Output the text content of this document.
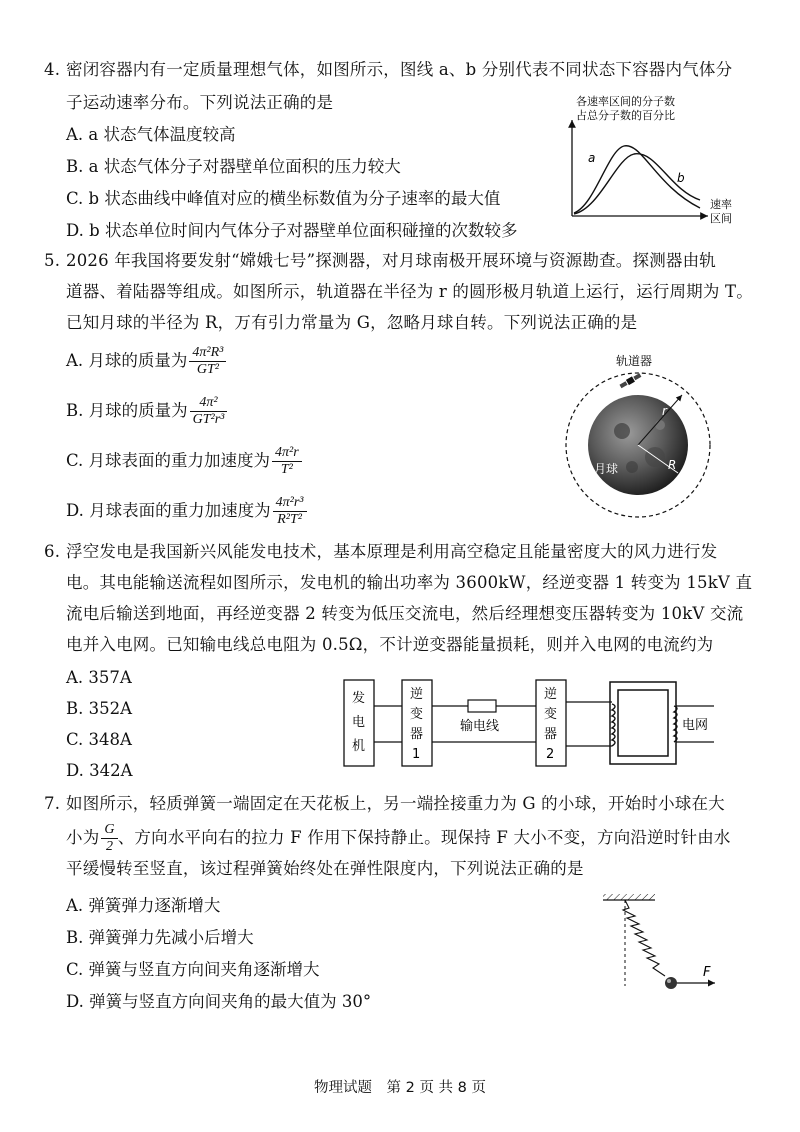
4. 密闭容器内有一定质量理想气体，如图所示，图线 a、b 分别代表不同状态下容器内气体分
子运动速率分布。下列说法正确的是
A. a 状态气体温度较高
B. a 状态气体分子对器壁单位面积的压力较大
C. b 状态曲线中峰值对应的横坐标数值为分子速率的最大值
D. b 状态单位时间内气体分子对器壁单位面积碰撞的次数较多
各速率区间的分子数
占总分子数的百分比
a
b
速率
区间
5. 2026 年我国将要发射“嫦娥七号”探测器，对月球南极开展环境与资源勘查。探测器由轨
道器、着陆器等组成。如图所示，轨道器在半径为 r 的圆形极月轨道上运行，运行周期为 T。
已知月球的半径为 R，万有引力常量为 G，忽略月球自转。下列说法正确的是
A. 月球的质量为 $\frac{\text{4π²R³}}{\text{GT²}}$
B. 月球的质量为 $\frac{\text{4π²}}{\text{GT²r³}}$
C. 月球表面的重力加速度为 $\frac{\text{4π²r}}{\text{T²}}$
D. 月球表面的重力加速度为 $\frac{\text{4π²r³}}{\text{R²T²}}$
轨道器
r
月球	R
6. 浮空发电是我国新兴风能发电技术，基本原理是利用高空稳定且能量密度大的风力进行发
电。其电能输送流程如图所示，发电机的输出功率为 3600kW，经逆变器 1 转变为 15kV 直
流电后输送到地面，再经逆变器 2 转变为低压交流电，然后经理想变压器转变为 10kV 交流
电并入电网。已知输电线总电阻为 0.5Ω，不计逆变器能量损耗，则并入电网的电流约为
A. 357A
B. 352A
C. 348A
D. 342A
发
电
机
逆
变
器
1
输电线
逆
变
器
2
电网
7. 如图所示，轻质弹簧一端固定在天花板上，另一端拴接重力为 G 的小球，开始时小球在大
小为 $\frac{G}{2}$ 、方向水平向右的拉力 F 作用下保持静止。现保持 F 大小不变，方向沿逆时针由水
平缓慢转至竖直，该过程弹簧始终处在弹性限度内，下列说法正确的是
A. 弹簧弹力逐渐增大
B. 弹簧弹力先减小后增大
C. 弹簧与竖直方向间夹角逐渐增大
D. 弹簧与竖直方向间夹角的最大值为 30°
F
物理试题　第 2 页 共 8 页
